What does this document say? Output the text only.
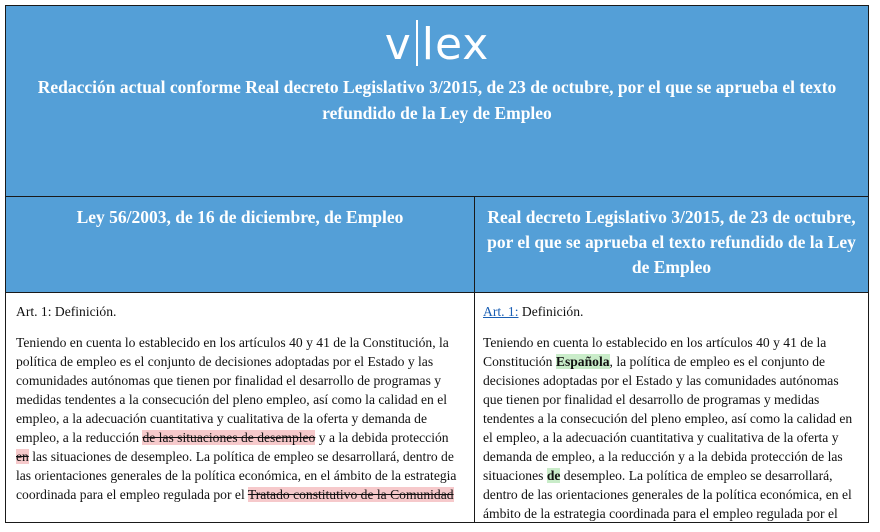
v lex
Redacción actual conforme Real decreto Legislativo 3/2015, de 23 de octubre, por el que se aprueba el texto refundido de la Ley de Empleo
Ley 56/2003, de 16 de diciembre, de Empleo	Real decreto Legislativo 3/2015, de 23 de octubre, por el que se aprueba el texto refundido de la Ley de Empleo

Art. 1: Definición.

Teniendo en cuenta lo establecido en los artículos 40 y 41 de la Constitución, la política de empleo es el conjunto de decisiones adoptadas por el Estado y las comunidades autónomas que tienen por finalidad el desarrollo de programas y medidas tendentes a la consecución del pleno empleo, así como la calidad en el empleo, a la adecuación cuantitativa y cualitativa de la oferta y demanda de empleo, a la reducción de las situaciones de desempleo y a la debida protección en las situaciones de desempleo. La política de empleo se desarrollará, dentro de las orientaciones generales de la política económica, en el ámbito de la estrategia coordinada para el empleo regulada por el Tratado constitutivo de la Comunidad

Art. 1: Definición.

Teniendo en cuenta lo establecido en los artículos 40 y 41 de la Constitución Española, la política de empleo es el conjunto de decisiones adoptadas por el Estado y las comunidades autónomas que tienen por finalidad el desarrollo de programas y medidas tendentes a la consecución del pleno empleo, así como la calidad en el empleo, a la adecuación cuantitativa y cualitativa de la oferta y demanda de empleo, a la reducción y a la debida protección de las situaciones de desempleo. La política de empleo se desarrollará, dentro de las orientaciones generales de la política económica, en el ámbito de la estrategia coordinada para el empleo regulada por el
